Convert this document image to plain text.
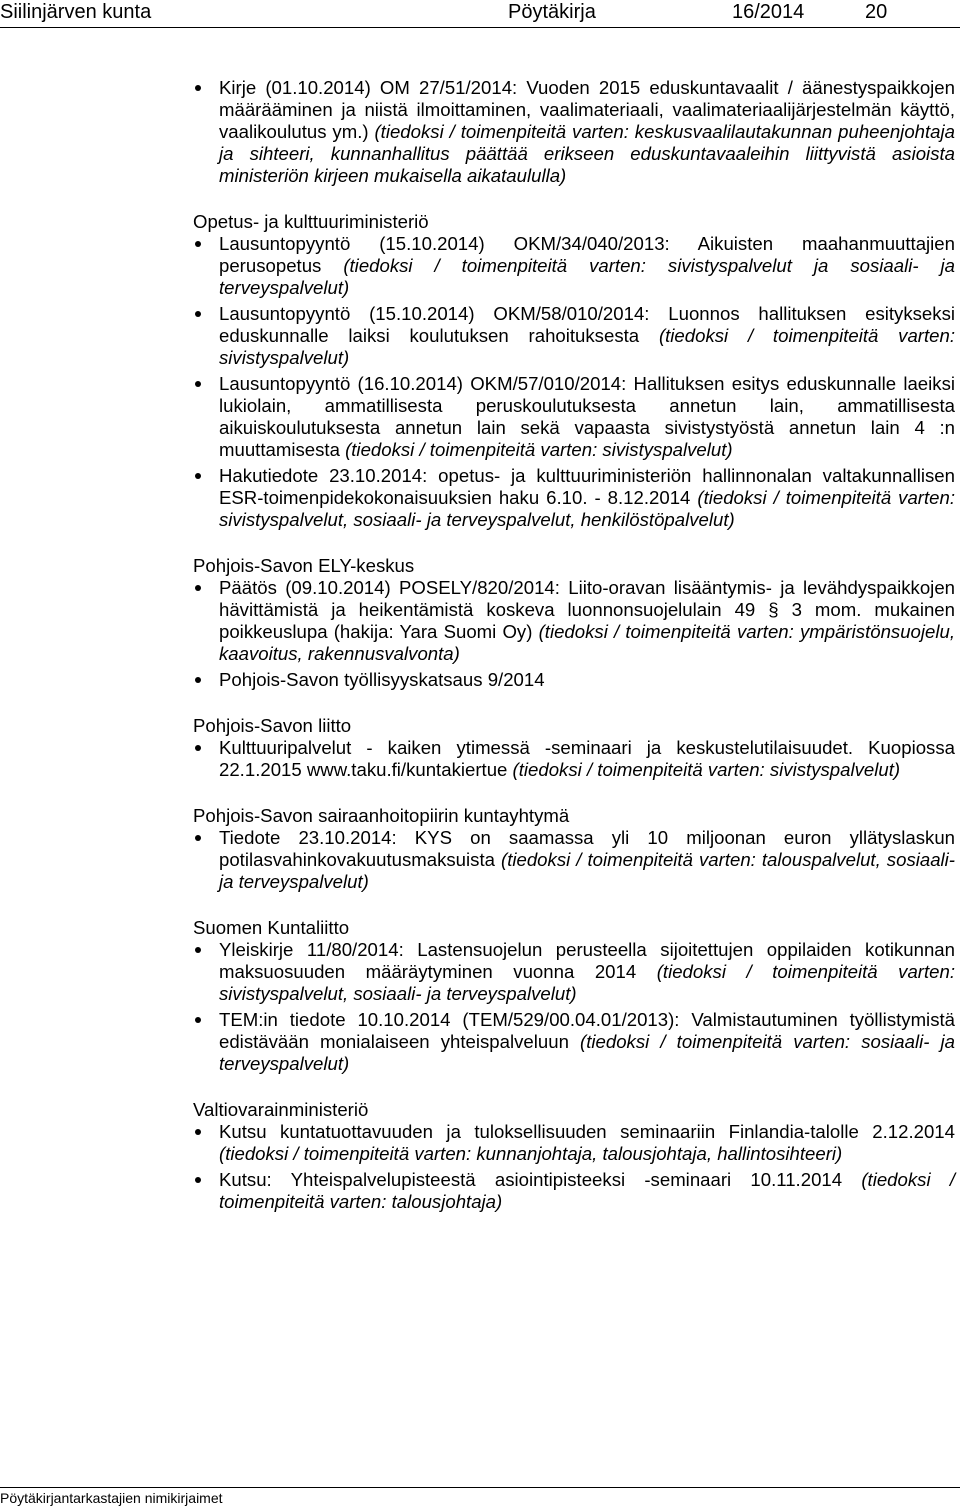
Siilinjärven kunta	Pöytäkirja	16/2014	20
Kirje (01.10.2014) OM 27/51/2014: Vuoden 2015 eduskuntavaalit / äänestyspaikkojen määrääminen ja niistä ilmoittaminen, vaalimateriaali, vaalimateriaalijärjestelmän käyttö, vaalikoulutus ym.) (tiedoksi / toimenpiteitä varten: keskusvaalilautakunnan puheenjohtaja ja sihteeri, kunnanhallitus päättää erikseen eduskuntavaaleihin liittyvistä asioista ministeriön kirjeen mukaisella aikataululla)

Opetus- ja kulttuuriministeriö

Lausuntopyyntö (15.10.2014) OKM/34/040/2013: Aikuisten maahanmuuttajien perusopetus (tiedoksi / toimenpiteitä varten: sivistyspalvelut ja sosiaali- ja terveyspalvelut)
Lausuntopyyntö (15.10.2014) OKM/58/010/2014: Luonnos hallituksen esitykseksi eduskunnalle laiksi koulutuksen rahoituksesta (tiedoksi / toimenpiteitä varten: sivistyspalvelut)
Lausuntopyyntö (16.10.2014) OKM/57/010/2014: Hallituksen esitys eduskunnalle laeiksi lukiolain, ammatillisesta peruskoulutuksesta annetun lain, ammatillisesta aikuiskoulutuksesta annetun lain sekä vapaasta sivistystyöstä annetun lain 4 :n muuttamisesta (tiedoksi / toimenpiteitä varten: sivistyspalvelut)
Hakutiedote 23.10.2014: opetus- ja kulttuuriministeriön hallinnonalan valtakunnallisen ESR-toimenpidekokonaisuuksien haku 6.10. - 8.12.2014 (tiedoksi / toimenpiteitä varten: sivistyspalvelut, sosiaali- ja terveyspalvelut, henkilöstöpalvelut)

Pohjois-Savon ELY-keskus

Päätös (09.10.2014) POSELY/820/2014: Liito-oravan lisääntymis- ja levähdyspaikkojen hävittämistä ja heikentämistä koskeva luonnonsuojelulain 49 § 3 mom. mukainen poikkeuslupa (hakija: Yara Suomi Oy) (tiedoksi / toimenpiteitä varten: ympäristönsuojelu, kaavoitus, rakennusvalvonta)
Pohjois-Savon työllisyyskatsaus 9/2014

Pohjois-Savon liitto

Kulttuuripalvelut - kaiken ytimessä -seminaari ja keskustelutilaisuudet. Kuopiossa 22.1.2015 www.taku.fi/kuntakiertue (tiedoksi / toimenpiteitä varten: sivistyspalvelut)

Pohjois-Savon sairaanhoitopiirin kuntayhtymä

Tiedote 23.10.2014: KYS on saamassa yli 10 miljoonan euron yllätyslaskun potilasvahinkovakuutusmaksuista (tiedoksi / toimenpiteitä varten: talouspalvelut, sosiaali- ja terveyspalvelut)

Suomen Kuntaliitto

Yleiskirje 11/80/2014: Lastensuojelun perusteella sijoitettujen oppilaiden kotikunnan maksuosuuden määräytyminen vuonna 2014 (tiedoksi / toimenpiteitä varten: sivistyspalvelut, sosiaali- ja terveyspalvelut)
TEM:in tiedote 10.10.2014 (TEM/529/00.04.01/2013): Valmistautuminen työllistymistä edistävään monialaiseen yhteispalveluun (tiedoksi / toimenpiteitä varten: sosiaali- ja terveyspalvelut)

Valtiovarainministeriö

Kutsu kuntatuottavuuden ja tuloksellisuuden seminaariin Finlandia-talolle 2.12.2014 (tiedoksi / toimenpiteitä varten: kunnanjohtaja, talousjohtaja, hallintosihteeri)
Kutsu: Yhteispalvelupisteestä asiointipisteeksi -seminaari 10.11.2014 (tiedoksi / toimenpiteitä varten: talousjohtaja)
Pöytäkirjantarkastajien nimikirjaimet
